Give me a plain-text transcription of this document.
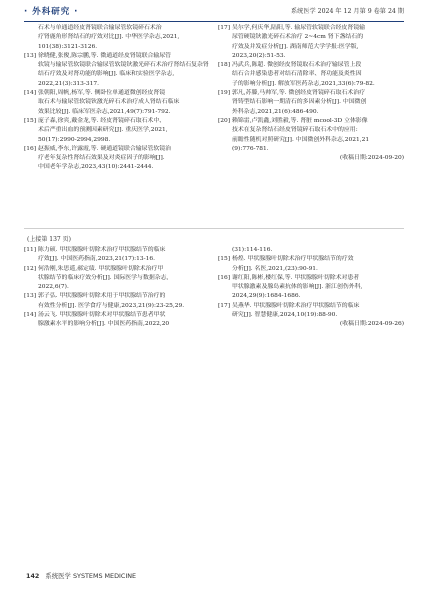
· 外科研究 ·	系统医学 2024 年 12 月第 9 卷第 24 期
石术与单通道经皮肾镜联合输尿管软镜碎石术治
疗肾鹿角形肾结石的疗效对比[J]. 中华医学杂志,2021,
101(38):3121-3126.
[13] 徐晓健,张俊,陈宗鹏,等. 微通道经皮肾镜联合输尿管
软镜与输尿管软镜联合输尿管软镜钬激光碎石术治疗肾结石复杂肾
结石疗效及对肾功能的影响[J]. 临床和实验医学杂志,
2022,21(3):313-317.
[14] 张朝阳,周帆,杨军,等. 侧卧位单通道微创经皮肾镜
取石术与输尿管软镜钬激光碎石术治疗成人肾结石临床
效果比较[J]. 临床军医杂志,2021,49(7):791-792.
[15] 庞子森,徐宾,戴金龙,等. 经皮肾镜碎石取石术中、
术后严重出血的预测因素研究[J]. 重庆医学,2021,
50(17):2990-2994,2998.
[16] 赵振威,李东,许露霞,等. 硬通道镜联合输尿管软镜治
疗老年复杂性肾结石效果及对炎症因子的影响[J].
中国老年学杂志,2023,43(10):2441-2444.
[17] 吴尔学,何庆华,陆阳,等. 输尿管软镜联合经皮肾镜输
尿管硬镜钬激光碎石术治疗 2~4cm 肾下盏结石的
疗效及并发症分析[J]. 湖南师范大学学报:医学版,
2023,20(2):51-53.
[18] 冯武兵,陈超. 微创经皮肾镜取石术治疗输尿管上段
结石合并感染患者对结石清除率、肾功能及炎性因
子的影响分析[J]. 解放军医药杂志,2021,33(6):79-82.
[19] 郭凡,苏滕,马帅军,等. 微创经皮肾镜碎石取石术治疗
肾铸型结石影响一期清石的多因素分析[J]. 中国微创
外科杂志,2021,21(6):486-490.
[20] 赖锦雷,卢凯鑫,刘胜毅,等. 肾脏 mcool-3D 立体影像
技术在复杂肾结石经皮肾镜碎石取石术中的应用:
前瞻性随机对照研究[J]. 中国微创外科杂志,2021,21
(9):776-781.
(收稿日期:2024-09-20)
(上接第 137 页)
[11] 陈力硕. 甲状腺腺叶切除术治疗甲状腺结节的临床
疗效[J]. 中国医药指南,2023,21(17):13-16.
[12] 何浩刚,朱思遥,郝定绩. 甲状腺腺叶切除术治疗甲
状腺结节的临床疗效分析[J]. 国际医学与数据杂志,
2022,6(7).
[13] 郭子弘. 甲状腺腺叶切除术用于甲状腺结节治疗的
有效性分析[J]. 医学食疗与健康,2023,21(9):23-25,29.
[14] 汤云飞. 甲状腺腺叶切除术对甲状腺结节患者甲状
腺激素水平的影响分析[J]. 中国医药指南,2022,20
(31):114-116.
[15] 杨煌. 甲状腺腺叶切除术治疗甲状腺结节的疗效
分析[J]. 名医,2021,(23):90-91.
[16] 谢红阳,陈彬,楼红保,等. 甲状腺腺叶切除术对患者
甲状腺激素及腺岛素抗体的影响[J]. 浙江创伤外科,
2024,29(9):1684-1686.
[17] 吴燕华. 甲状腺腺叶切除术治疗甲状腺结节的临床
研究[J]. 智慧健康,2024,10(19):88-90.
(收稿日期:2024-09-26)
142 系统医学 SYSTEMS MEDICINE
